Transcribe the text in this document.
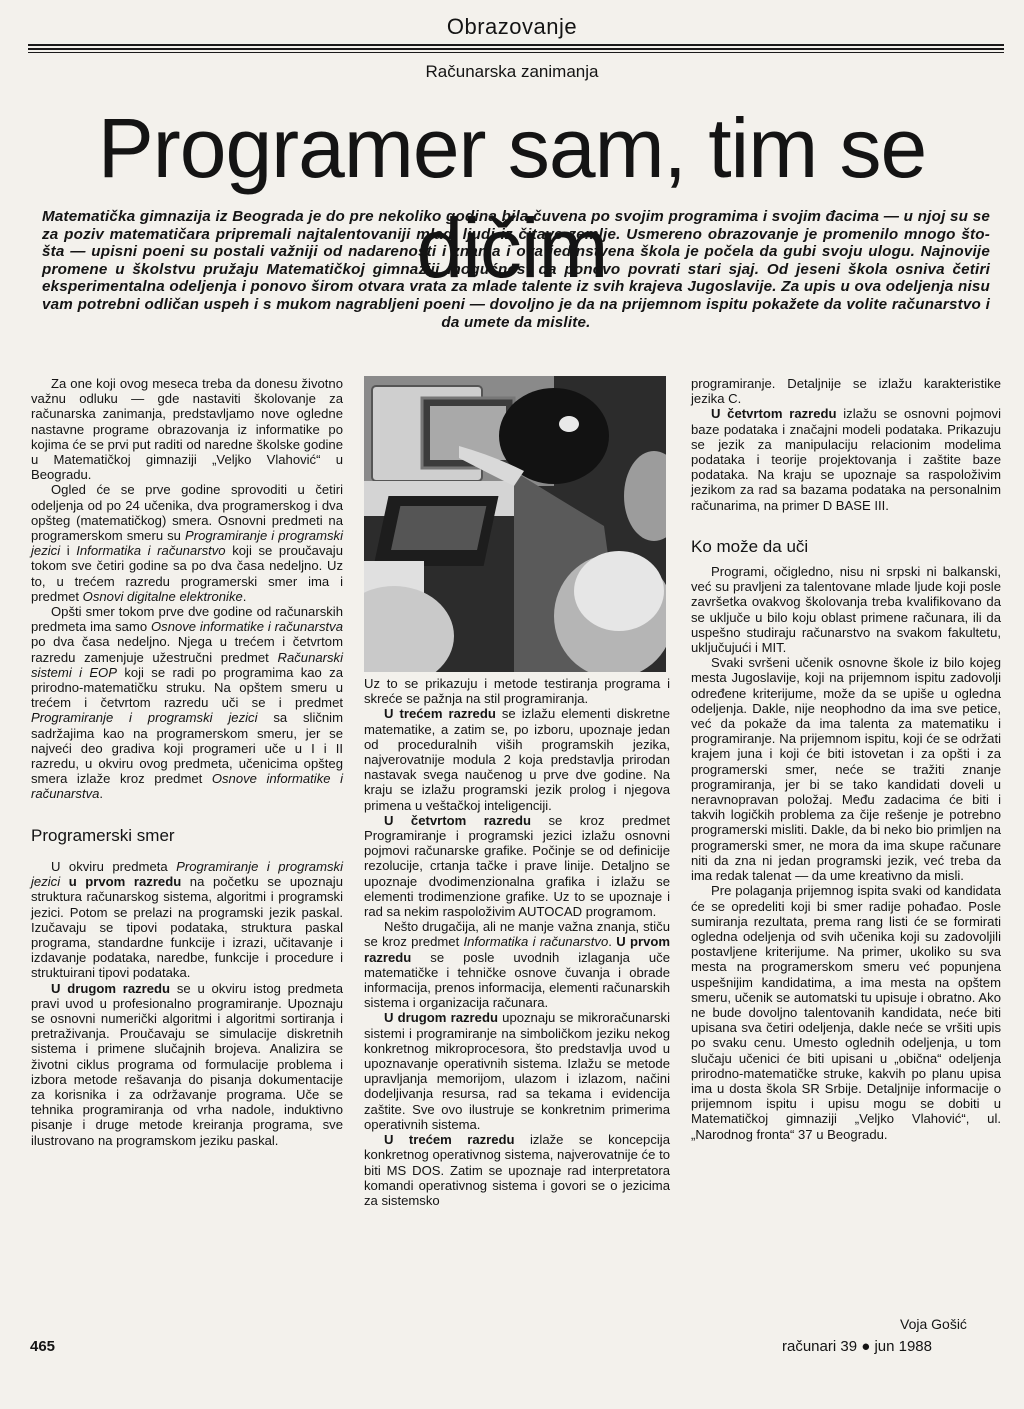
Obrazovanje
Računarska zanimanja
Programer sam, tim se dičim

Matematička gimnazija iz Beograda je do pre nekoliko godina bila čuvena po svojim programima i svojim đacima — u njoj su se za poziv matematičara pripremali najtalentovaniji mladi ljudi iz čitave zemlje. Usmereno obrazovanje je promenilo mnogo što-šta — upisni poeni su postali važniji od nadarenosti i znanja i ova jedinstvena škola je počela da gubi svoju ulogu. Najnovije promene u školstvu pružaju Matematičkoj gimnaziji mogućnost da ponovo povrati stari sjaj. Od jeseni škola osniva četiri eksperimentalna odeljenja i ponovo širom otvara vrata za mlade talente iz svih krajeva Jugoslavije. Za upis u ova odeljenja nisu vam potrebni odličan uspeh i s mukom nagrabljeni poeni — dovoljno je da na prijemnom ispitu pokažete da volite računarstvo i da umete da mislite.

Za one koji ovog meseca treba da donesu životno važnu odluku — gde nastaviti školovanje za računarska zanimanja, predstavljamo nove ogledne nastavne programe obrazovanja iz informatike po kojima će se prvi put raditi od naredne školske godine u Matematičkoj gimnaziji „Veljko Vlahović“ u Beogradu.

Ogled će se prve godine sprovoditi u četiri odeljenja od po 24 učenika, dva programerskog i dva opšteg (matematičkog) smera. Osnovni predmeti na programerskom smeru su Programiranje i programski jezici i Informatika i računarstvo koji se proučavaju tokom sve četiri godine sa po dva časa nedeljno. Uz to, u trećem razredu programerski smer ima i predmet Osnovi digitalne elektronike.

Opšti smer tokom prve dve godine od računarskih predmeta ima samo Osnove informatike i računarstva po dva časa nedeljno. Njega u trećem i četvrtom razredu zamenjuje užestručni predmet Računarski sistemi i EOP koji se radi po programima kao za prirodno-matematičku struku. Na opštem smeru u trećem i četvrtom razredu uči se i predmet Programiranje i programski jezici sa sličnim sadržajima kao na programerskom smeru, jer se najveći deo gradiva koji programeri uče u I i II razredu, u okviru ovog predmeta, učenicima opšteg smera izlaže kroz predmet Osnove informatike i računarstva.

Programerski smer

U okviru predmeta Programiranje i programski jezici u prvom razredu na početku se upoznaju struktura računarskog sistema, algoritmi i programski jezici. Potom se prelazi na programski jezik paskal. Izučavaju se tipovi podataka, struktura paskal programa, standardne funkcije i izrazi, učitavanje i izdavanje podataka, naredbe, funkcije i procedure i struktuirani tipovi podataka.

U drugom razredu se u okviru istog predmeta pravi uvod u profesionalno programiranje. Upoznaju se osnovni numerički algoritmi i algoritmi sortiranja i pretraživanja. Proučavaju se simulacije diskretnih sistema i primene slučajnih brojeva. Analizira se životni ciklus programa od formulacije problema i izbora metode rešavanja do pisanja dokumentacije za korisnika i za održavanje programa. Uče se tehnika programiranja od vrha nadole, induktivno pisanje i druge metode kreiranja programa, sve ilustrovano na programskom jeziku paskal.

Uz to se prikazuju i metode testiranja programa i skreće se pažnja na stil programiranja.

U trećem razredu se izlažu elementi diskretne matematike, a zatim se, po izboru, upoznaje jedan od proceduralnih viših programskih jezika, najverovatnije modula 2 koja predstavlja prirodan nastavak svega naučenog u prve dve godine. Na kraju se izlažu programski jezik prolog i njegova primena u veštačkoj inteligenciji.

U četvrtom razredu se kroz predmet Programiranje i programski jezici izlažu osnovni pojmovi računarske grafike. Počinje se od definicije rezolucije, crtanja tačke i prave linije. Detaljno se upoznaje dvodimenzionalna grafika i izlažu se elementi trodimenzione grafike. Uz to se upoznaje i rad sa nekim raspoloživim AUTOCAD programom.

Nešto drugačija, ali ne manje važna znanja, stiču se kroz predmet Informatika i računarstvo. U prvom razredu se posle uvodnih izlaganja uče matematičke i tehničke osnove čuvanja i obrade informacija, prenos informacija, elementi računarskih sistema i organizacija računara.

U drugom razredu upoznaju se mikroračunarski sistemi i programiranje na simboličkom jeziku nekog konkretnog mikroprocesora, što predstavlja uvod u upoznavanje operativnih sistema. Izlažu se metode upravljanja memorijom, ulazom i izlazom, načini dodeljivanja resursa, rad sa tekama i evidencija zaštite. Sve ovo ilustruje se konkretnim primerima operativnih sistema.

U trećem razredu izlaže se koncepcija konkretnog operativnog sistema, najverovatnije će to biti MS DOS. Zatim se upoznaje rad interpretatora komandi operativnog sistema i govori se o jezicima za sistemsko

programiranje. Detaljnije se izlažu karakteristike jezika C.

U četvrtom razredu izlažu se osnovni pojmovi baze podataka i značajni modeli podataka. Prikazuju se jezik za manipulaciju relacionim modelima podataka i teorije projektovanja i zaštite baze podataka. Na kraju se upoznaje sa raspoloživim jezikom za rad sa bazama podataka na personalnim računarima, na primer D BASE III.

Ko može da uči

Programi, očigledno, nisu ni srpski ni balkanski, već su pravljeni za talentovane mlade ljude koji posle završetka ovakvog školovanja treba kvalifikovano da se uključe u bilo koju oblast primene računara, ili da uspešno studiraju računarstvo na svakom fakultetu, uključujući i MIT.

Svaki svršeni učenik osnovne škole iz bilo kojeg mesta Jugoslavije, koji na prijemnom ispitu zadovolji određene kriterijume, može da se upiše u ogledna odeljenja. Dakle, nije neophodno da ima sve petice, već da pokaže da ima talenta za matematiku i programiranje. Na prijemnom ispitu, koji će se održati krajem juna i koji će biti istovetan i za opšti i za programerski smer, neće se tražiti znanje programiranja, jer bi se tako kandidati doveli u neravnopravan položaj. Među zadacima će biti i takvih logičkih problema za čije rešenje je potrebno programerski misliti. Dakle, da bi neko bio primljen na programerski smer, ne mora da ima skupe računare niti da zna ni jedan programski jezik, već treba da ima redak talenat — da ume kreativno da misli.

Pre polaganja prijemnog ispita svaki od kandidata će se opredeliti koji bi smer radije pohađao. Posle sumiranja rezultata, prema rang listi će se formirati ogledna odeljenja od svih učenika koji su zadovoljili postavljene kriterijume. Na primer, ukoliko su sva mesta na programerskom smeru već popunjena uspešnijim kandidatima, a ima mesta na opštem smeru, učenik se automatski tu upisuje i obratno. Ako ne bude dovoljno talentovanih kandidata, neće biti upisana sva četiri odeljenja, dakle neće se vršiti upis po svaku cenu. Umesto oglednih odeljenja, u tom slučaju učenici će biti upisani u „obična“ odeljenja prirodno-matematičke struke, kakvih po planu upisa ima u dosta škola SR Srbije. Detaljnije informacije o prijemnom ispitu i upisu mogu se dobiti u Matematičkoj gimnaziji „Veljko Vlahović“, ul. „Narodnog fronta“ 37 u Beogradu.

Voja Gošić
465	računari 39 ● jun 1988
